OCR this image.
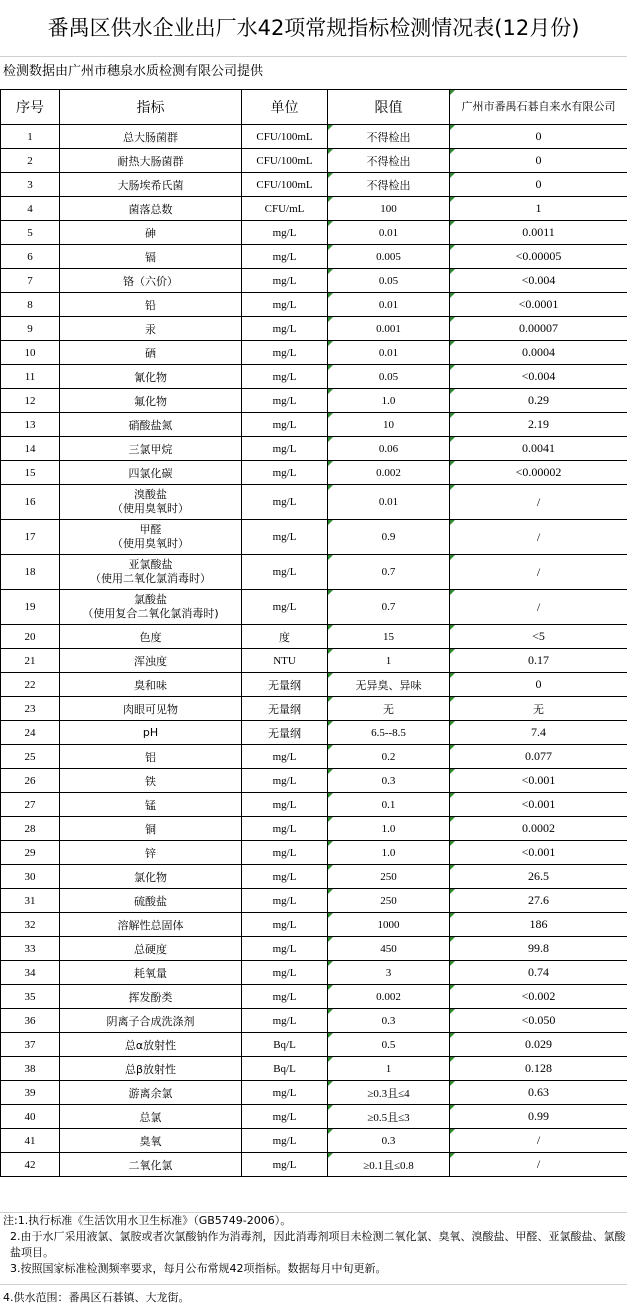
番禺区供水企业出厂水42项常规指标检测情况表(12月份)
检测数据由广州市穗泉水质检测有限公司提供
序号	指标	单位	限值	广州市番禺石碁自来水有限公司
1	总大肠菌群	CFU/100mL	不得检出	0
2	耐热大肠菌群	CFU/100mL	不得检出	0
3	大肠埃希氏菌	CFU/100mL	不得检出	0
4	菌落总数	CFU/mL	100	1
5	砷	mg/L	0.01	0.0011
6	镉	mg/L	0.005	<0.00005
7	铬（六价）	mg/L	0.05	<0.004
8	铅	mg/L	0.01	<0.0001
9	汞	mg/L	0.001	0.00007
10	硒	mg/L	0.01	0.0004
11	氰化物	mg/L	0.05	<0.004
12	氟化物	mg/L	1.0	0.29
13	硝酸盐氮	mg/L	10	2.19
14	三氯甲烷	mg/L	0.06	0.0041
15	四氯化碳	mg/L	0.002	<0.00002
16	溴酸盐
（使用臭氧时）	mg/L	0.01	/
17	甲醛
（使用臭氧时）	mg/L	0.9	/
18	亚氯酸盐
（使用二氧化氯消毒时）	mg/L	0.7	/
19	氯酸盐
（使用复合二氧化氯消毒时)	mg/L	0.7	/
20	色度	度	15	<5
21	浑浊度	NTU	1	0.17
22	臭和味	无量纲	无异臭、异味	0
23	肉眼可见物	无量纲	无	无
24	pH	无量纲	6.5--8.5	7.4
25	铝	mg/L	0.2	0.077
26	铁	mg/L	0.3	<0.001
27	锰	mg/L	0.1	<0.001
28	铜	mg/L	1.0	0.0002
29	锌	mg/L	1.0	<0.001
30	氯化物	mg/L	250	26.5
31	硫酸盐	mg/L	250	27.6
32	溶解性总固体	mg/L	1000	186
33	总硬度	mg/L	450	99.8
34	耗氧量	mg/L	3	0.74
35	挥发酚类	mg/L	0.002	<0.002
36	阴离子合成洗涤剂	mg/L	0.3	<0.050
37	总α放射性	Bq/L	0.5	0.029
38	总β放射性	Bq/L	1	0.128
39	游离余氯	mg/L	≥0.3且≤4	0.63
40	总氯	mg/L	≥0.5且≤3	0.99
41	臭氧	mg/L	0.3	/
42	二氧化氯	mg/L	≥0.1且≤0.8	/
注:1.执行标准《生活饮用水卫生标准》（GB5749-2006）。
2.由于水厂采用液氯、氯胺或者次氯酸钠作为消毒剂，因此消毒剂项目未检测二氧化氯、臭氧、溴酸盐、甲醛、亚氯酸盐、氯酸盐项目。
3.按照国家标准检测频率要求，每月公布常规42项指标。数据每月中旬更新。
4.供水范围：番禺区石碁镇、大龙街。
